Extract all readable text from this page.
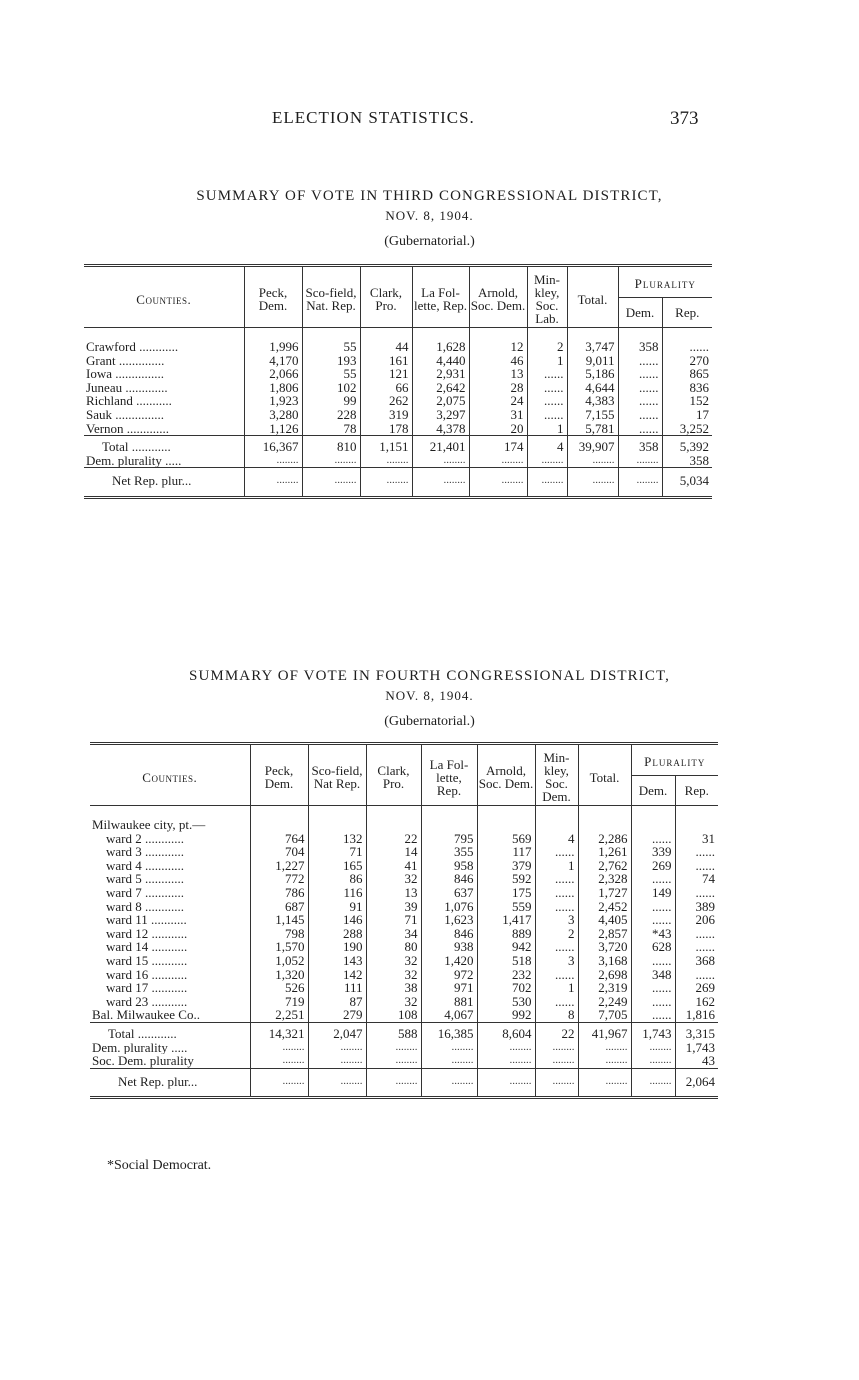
ELECTION STATISTICS.	373
SUMMARY OF VOTE IN THIRD CONGRESSIONAL DISTRICT,
NOV. 8, 1904.
(Gubernatorial.)
Counties.	Peck, Dem.	Sco-field, Nat. Rep.	Clark, Pro.	La Fol-lette, Rep.	Arnold, Soc. Dem.	Min-kley, Soc. Lab.	Total.	Plurality	
								Dem.	Rep.
Crawford ............	1,996	55	44	1,628	12	2	3,747	358	......
Grant ..............	4,170	193	161	4,440	46	1	9,011	......	270
Iowa ...............	2,066	55	121	2,931	13	......	5,186	......	865
Juneau .............	1,806	102	66	2,642	28	......	4,644	......	836
Richland ...........	1,923	99	262	2,075	24	......	4,383	......	152
Sauk ...............	3,280	228	319	3,297	31	......	7,155	......	17
Vernon .............	1,126	78	178	4,378	20	1	5,781	......	3,252
Total ............	16,367	810	1,151	21,401	174	4	39,907	358	5,392
Dem. plurality .....	........	........	........	........	........	........	........	........	358
Net Rep. plur...	........	........	........	........	........	........	........	........	5,034
SUMMARY OF VOTE IN FOURTH CONGRESSIONAL DISTRICT,
NOV. 8, 1904.
(Gubernatorial.)
Counties.	Peck, Dem.	Sco-field, Nat Rep.	Clark, Pro.	La Fol-lette, Rep.	Arnold, Soc. Dem.	Min-kley, Soc. Dem.	Total.	Plurality	
								Dem.	Rep.
Milwaukee city, pt.—									
ward 2 ............	764	132	22	795	569	4	2,286	......	31
ward 3 ............	704	71	14	355	117	......	1,261	339	......
ward 4 ............	1,227	165	41	958	379	1	2,762	269	......
ward 5 ............	772	86	32	846	592	......	2,328	......	74
ward 7 ............	786	116	13	637	175	......	1,727	149	......
ward 8 ............	687	91	39	1,076	559	......	2,452	......	389
ward 11 ...........	1,145	146	71	1,623	1,417	3	4,405	......	206
ward 12 ...........	798	288	34	846	889	2	2,857	*43	......
ward 14 ...........	1,570	190	80	938	942	......	3,720	628	......
ward 15 ...........	1,052	143	32	1,420	518	3	3,168	......	368
ward 16 ...........	1,320	142	32	972	232	......	2,698	348	......
ward 17 ...........	526	111	38	971	702	1	2,319	......	269
ward 23 ...........	719	87	32	881	530	......	2,249	......	162
Bal. Milwaukee Co..	2,251	279	108	4,067	992	8	7,705	......	1,816
Total ............	14,321	2,047	588	16,385	8,604	22	41,967	1,743	3,315
Dem. plurality .....	........	........	........	........	........	........	........	........	1,743
Soc. Dem. plurality	........	........	........	........	........	........	........	........	43
Net Rep. plur...	........	........	........	........	........	........	........	........	2,064
*Social Democrat.
